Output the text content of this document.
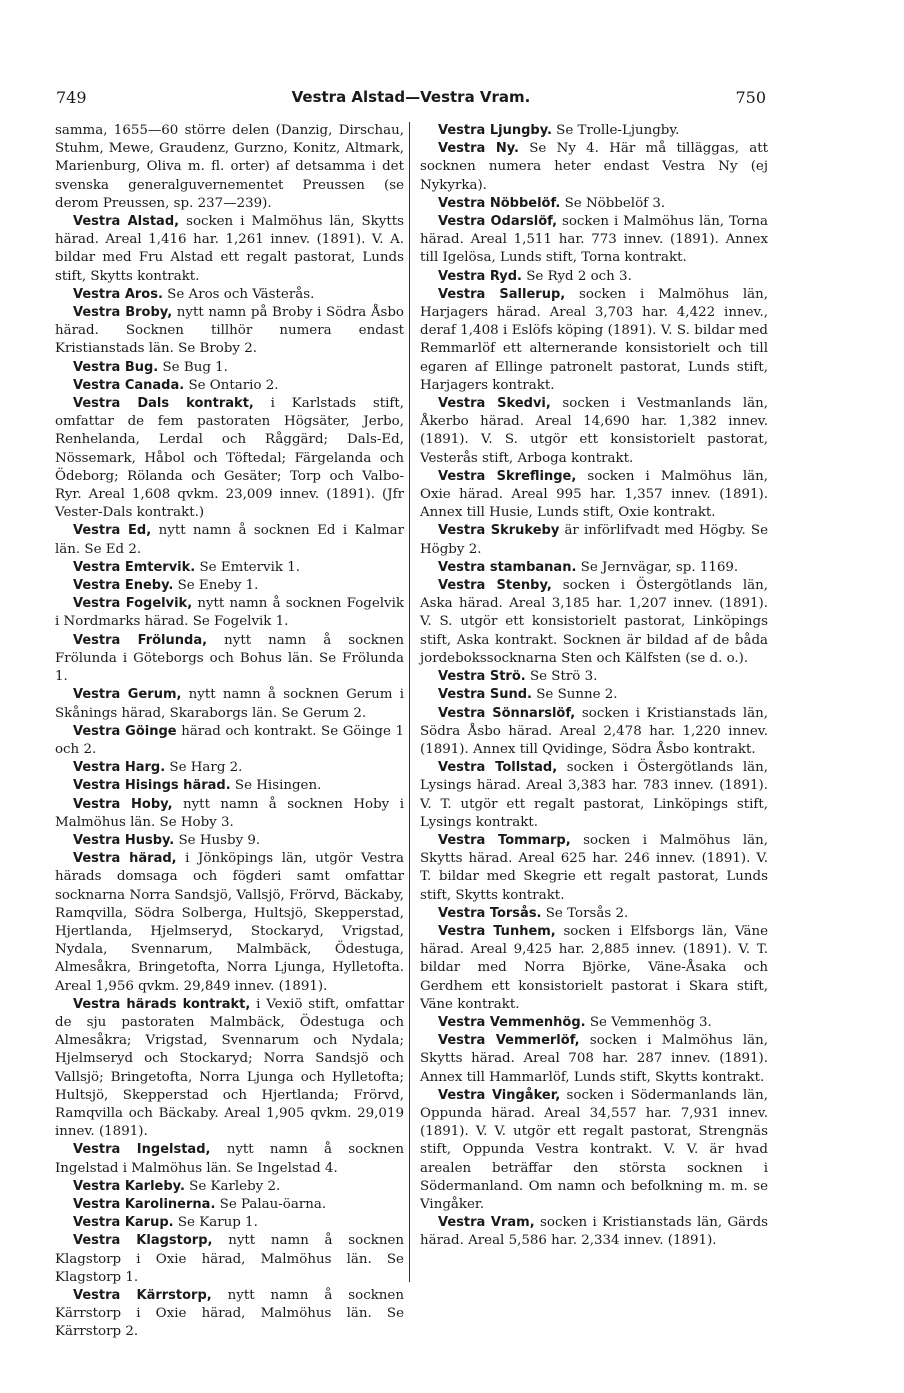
749	Vestra Alstad—Vestra Vram.	750

samma, 1655—60 större delen (Danzig, Dirschau, Stuhm, Mewe, Graudenz, Gurzno, Konitz, Altmark, Marienburg, Oliva m. fl. orter) af detsamma i det svenska generalguvernementet Preussen (se derom Preussen, sp. 237—239).

Vestra Alstad, socken i Malmöhus län, Skytts härad. Areal 1,416 har. 1,261 innev. (1891). V. A. bildar med Fru Alstad ett regalt pastorat, Lunds stift, Skytts kontrakt.

Vestra Aros. Se Aros och Västerås.

Vestra Broby, nytt namn på Broby i Södra Åsbo härad. Socknen tillhör numera endast Kristianstads län. Se Broby 2.

Vestra Bug. Se Bug 1.

Vestra Canada. Se Ontario 2.

Vestra Dals kontrakt, i Karlstads stift, omfattar de fem pastoraten Högsäter, Jerbo, Renhelanda, Lerdal och Råggärd; Dals-Ed, Nössemark, Håbol och Töftedal; Färgelanda och Ödeborg; Rölanda och Gesäter; Torp och Valbo-Ryr. Areal 1,608 qvkm. 23,009 innev. (1891). (Jfr Vester-Dals kontrakt.)

Vestra Ed, nytt namn å socknen Ed i Kalmar län. Se Ed 2.

Vestra Emtervik. Se Emtervik 1.

Vestra Eneby. Se Eneby 1.

Vestra Fogelvik, nytt namn å socknen Fogelvik i Nordmarks härad. Se Fogelvik 1.

Vestra Frölunda, nytt namn å socknen Frölunda i Göteborgs och Bohus län. Se Frölunda 1.

Vestra Gerum, nytt namn å socknen Gerum i Skånings härad, Skaraborgs län. Se Gerum 2.

Vestra Göinge härad och kontrakt. Se Göinge 1 och 2.

Vestra Harg. Se Harg 2.

Vestra Hisings härad. Se Hisingen.

Vestra Hoby, nytt namn å socknen Hoby i Malmöhus län. Se Hoby 3.

Vestra Husby. Se Husby 9.

Vestra härad, i Jönköpings län, utgör Vestra härads domsaga och fögderi samt omfattar socknarna Norra Sandsjö, Vallsjö, Frörvd, Bäckaby, Ramqvilla, Södra Solberga, Hultsjö, Skepperstad, Hjertlanda, Hjelmseryd, Stockaryd, Vrigstad, Nydala, Svennarum, Malmbäck, Ödestuga, Almesåkra, Bringetofta, Norra Ljunga, Hylletofta. Areal 1,956 qvkm. 29,849 innev. (1891).

Vestra härads kontrakt, i Vexiö stift, omfattar de sju pastoraten Malmbäck, Ödestuga och Almesåkra; Vrigstad, Svennarum och Nydala; Hjelmseryd och Stockaryd; Norra Sandsjö och Vallsjö; Bringetofta, Norra Ljunga och Hylletofta; Hultsjö, Skepperstad och Hjertlanda; Frörvd, Ramqvilla och Bäckaby. Areal 1,905 qvkm. 29,019 innev. (1891).

Vestra Ingelstad, nytt namn å socknen Ingelstad i Malmöhus län. Se Ingelstad 4.

Vestra Karleby. Se Karleby 2.

Vestra Karolinerna. Se Palau-öarna.

Vestra Karup. Se Karup 1.

Vestra Klagstorp, nytt namn å socknen Klagstorp i Oxie härad, Malmöhus län. Se Klagstorp 1.

Vestra Kärrstorp, nytt namn å socknen Kärrstorp i Oxie härad, Malmöhus län. Se Kärrstorp 2.

Vestra Ljungby. Se Trolle-Ljungby.

Vestra Ny. Se Ny 4. Här må tilläggas, att socknen numera heter endast Vestra Ny (ej Nykyrka).

Vestra Nöbbelöf. Se Nöbbelöf 3.

Vestra Odarslöf, socken i Malmöhus län, Torna härad. Areal 1,511 har. 773 innev. (1891). Annex till Igelösa, Lunds stift, Torna kontrakt.

Vestra Ryd. Se Ryd 2 och 3.

Vestra Sallerup, socken i Malmöhus län, Harjagers härad. Areal 3,703 har. 4,422 innev., deraf 1,408 i Eslöfs köping (1891). V. S. bildar med Remmarlöf ett alternerande konsistorielt och till egaren af Ellinge patronelt pastorat, Lunds stift, Harjagers kontrakt.

Vestra Skedvi, socken i Vestmanlands län, Åkerbo härad. Areal 14,690 har. 1,382 innev. (1891). V. S. utgör ett konsistorielt pastorat, Vesterås stift, Arboga kontrakt.

Vestra Skreflinge, socken i Malmöhus län, Oxie härad. Areal 995 har. 1,357 innev. (1891). Annex till Husie, Lunds stift, Oxie kontrakt.

Vestra Skrukeby är införlifvadt med Högby. Se Högby 2.

Vestra stambanan. Se Jernvägar, sp. 1169.

Vestra Stenby, socken i Östergötlands län, Aska härad. Areal 3,185 har. 1,207 innev. (1891). V. S. utgör ett konsistorielt pastorat, Linköpings stift, Aska kontrakt. Socknen är bildad af de båda jordebokssocknarna Sten och Kälfsten (se d. o.).

Vestra Strö. Se Strö 3.

Vestra Sund. Se Sunne 2.

Vestra Sönnarslöf, socken i Kristianstads län, Södra Åsbo härad. Areal 2,478 har. 1,220 innev. (1891). Annex till Qvidinge, Södra Åsbo kontrakt.

Vestra Tollstad, socken i Östergötlands län, Lysings härad. Areal 3,383 har. 783 innev. (1891). V. T. utgör ett regalt pastorat, Linköpings stift, Lysings kontrakt.

Vestra Tommarp, socken i Malmöhus län, Skytts härad. Areal 625 har. 246 innev. (1891). V. T. bildar med Skegrie ett regalt pastorat, Lunds stift, Skytts kontrakt.

Vestra Torsås. Se Torsås 2.

Vestra Tunhem, socken i Elfsborgs län, Väne härad. Areal 9,425 har. 2,885 innev. (1891). V. T. bildar med Norra Björke, Väne-Åsaka och Gerdhem ett konsistorielt pastorat i Skara stift, Väne kontrakt.

Vestra Vemmenhög. Se Vemmenhög 3.

Vestra Vemmerlöf, socken i Malmöhus län, Skytts härad. Areal 708 har. 287 innev. (1891). Annex till Hammarlöf, Lunds stift, Skytts kontrakt.

Vestra Vingåker, socken i Södermanlands län, Oppunda härad. Areal 34,557 har. 7,931 innev. (1891). V. V. utgör ett regalt pastorat, Strengnäs stift, Oppunda Vestra kontrakt. V. V. är hvad arealen beträffar den största socknen i Södermanland. Om namn och befolkning m. m. se Vingåker.

Vestra Vram, socken i Kristianstads län, Gärds härad. Areal 5,586 har. 2,334 innev. (1891).
